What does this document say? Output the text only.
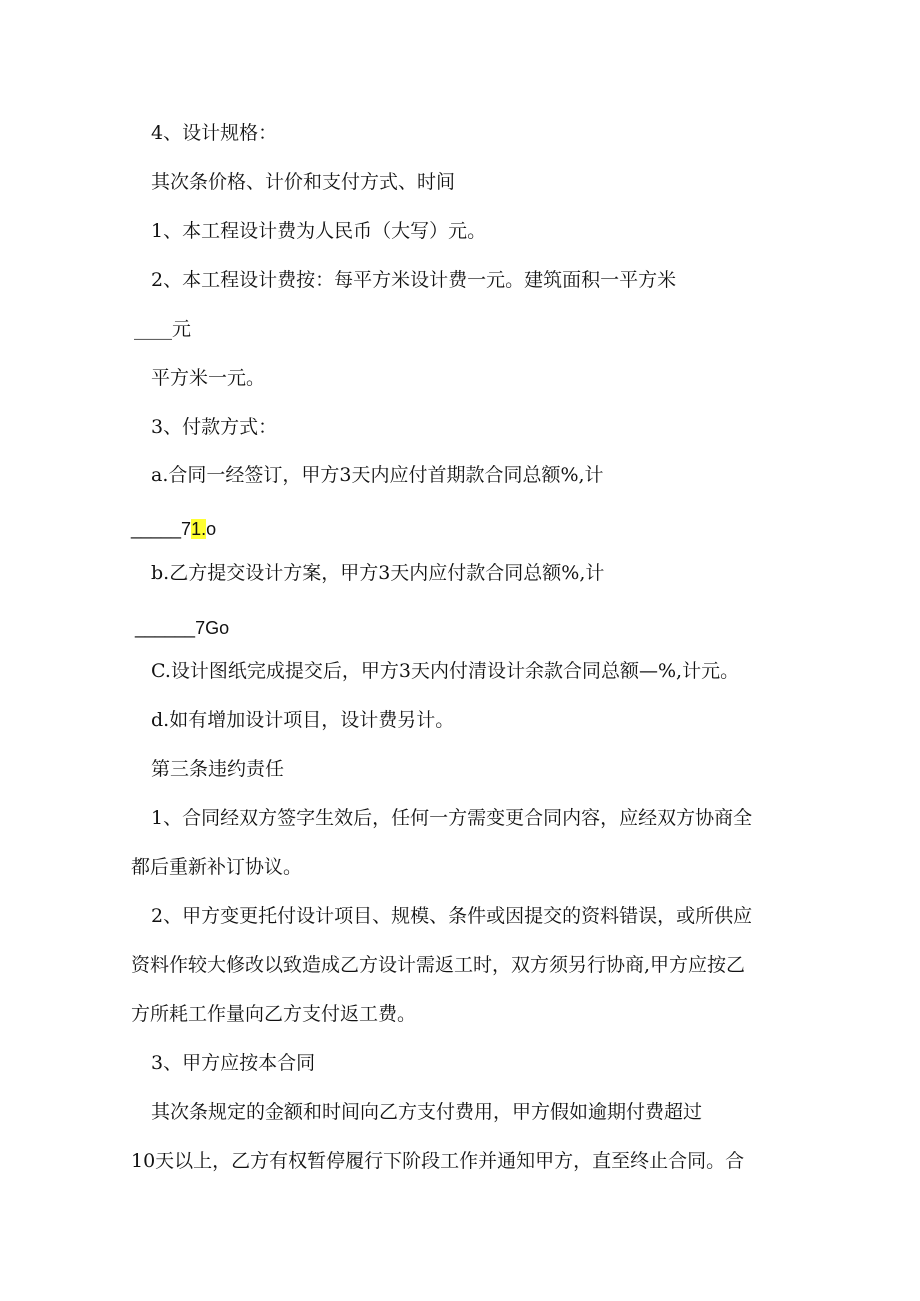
4、设计规格：
其次条价格、计价和支付方式、时间
1、本工程设计费为人民币（大写）元。
2、本工程设计费按：每平方米设计费一元。建筑面积一平方米
____元
平方米一元。
3、付款方式：
a.合同一经签订，甲方3天内应付首期款合同总额%,计
_____71.o
b.乙方提交设计方案，甲方3天内应付款合同总额%,计
______7Go
C.设计图纸完成提交后，甲方3天内付清设计余款合同总额—%,计元。
d.如有增加设计项目，设计费另计。
第三条违约责任
1、合同经双方签字生效后，任何一方需变更合同内容，应经双方协商全
都后重新补订协议。
2、甲方变更托付设计项目、规模、条件或因提交的资料错误，或所供应
资料作较大修改以致造成乙方设计需返工时，双方须另行协商,甲方应按乙
方所耗工作量向乙方支付返工费。
3、甲方应按本合同
其次条规定的金额和时间向乙方支付费用，甲方假如逾期付费超过
10天以上，乙方有权暂停履行下阶段工作并通知甲方，直至终止合同。合
